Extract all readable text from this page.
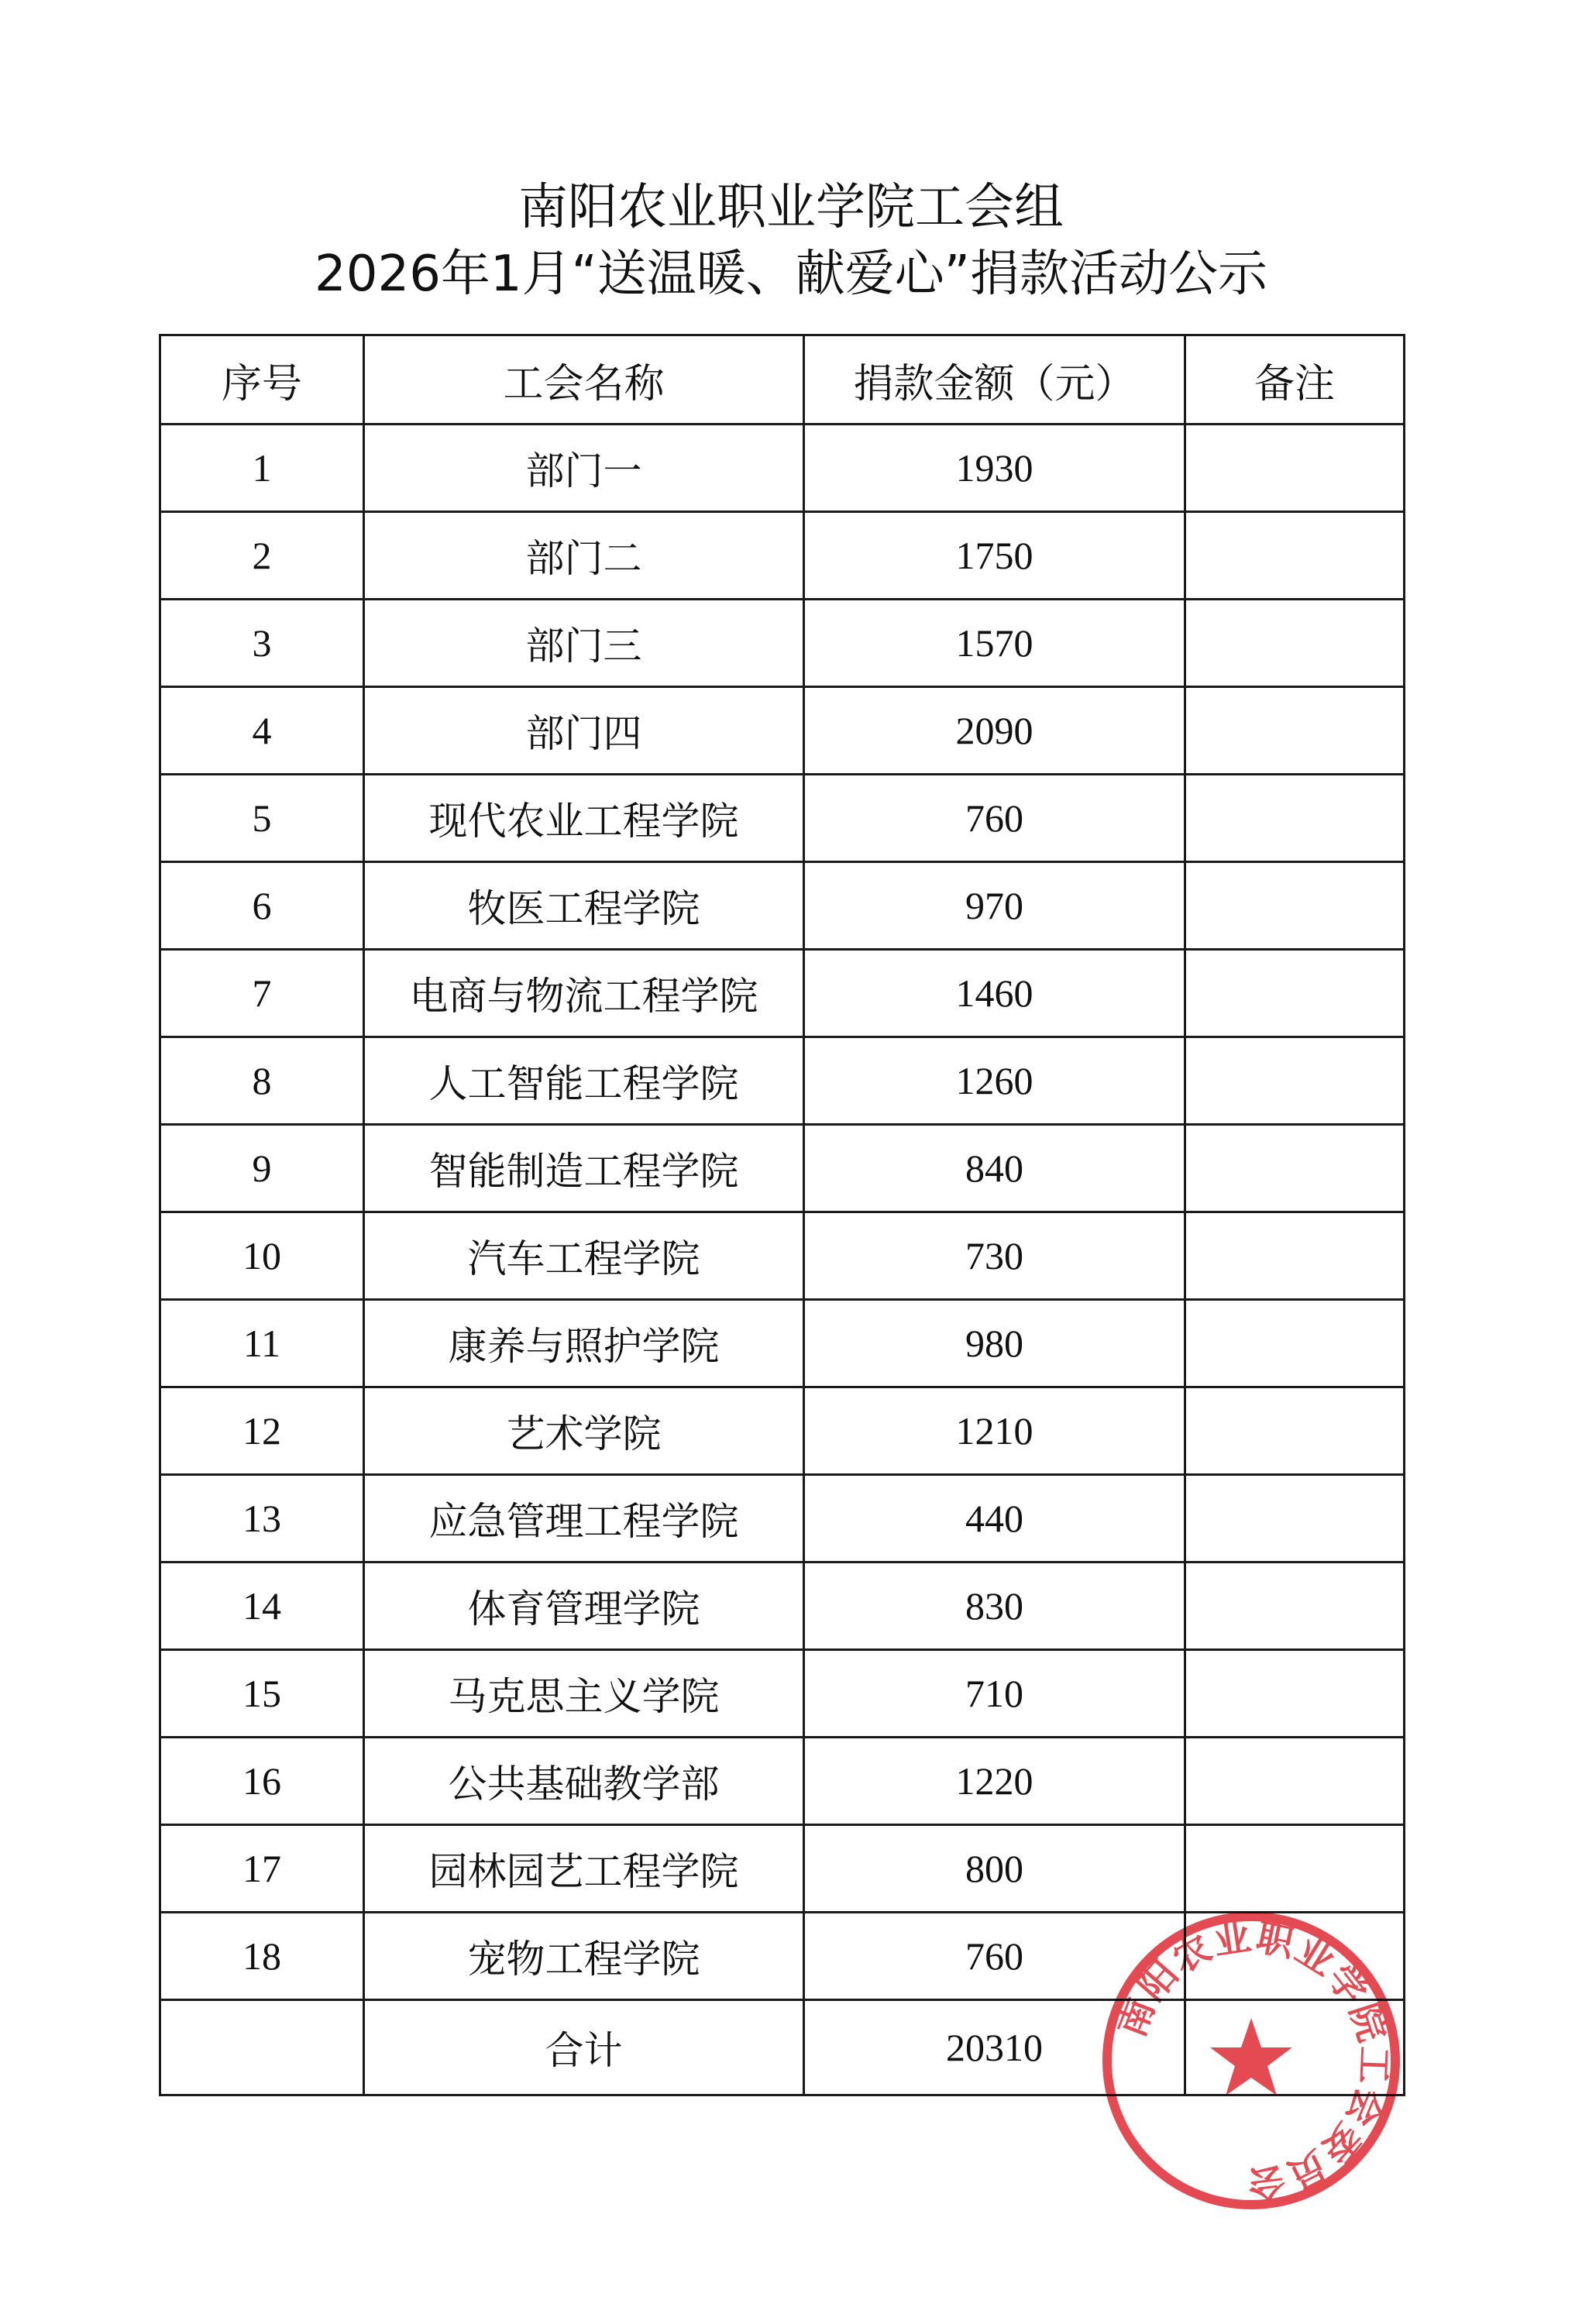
南阳农业职业学院工会组
2026年1月“送温暖、献爱心”捐款活动公示
序号	工会名称	捐款金额（元）	备注
1	部门一	1930	
2	部门二	1750	
3	部门三	1570	
4	部门四	2090	
5	现代农业工程学院	760	
6	牧医工程学院	970	
7	电商与物流工程学院	1460	
8	人工智能工程学院	1260	
9	智能制造工程学院	840	
10	汽车工程学院	730	
11	康养与照护学院	980	
12	艺术学院	1210	
13	应急管理工程学院	440	
14	体育管理学院	830	
15	马克思主义学院	710	
16	公共基础教学部	1220	
17	园林园艺工程学院	800	
18	宠物工程学院	760	
	合计	20310	
南阳农业职业学院工会委员会
